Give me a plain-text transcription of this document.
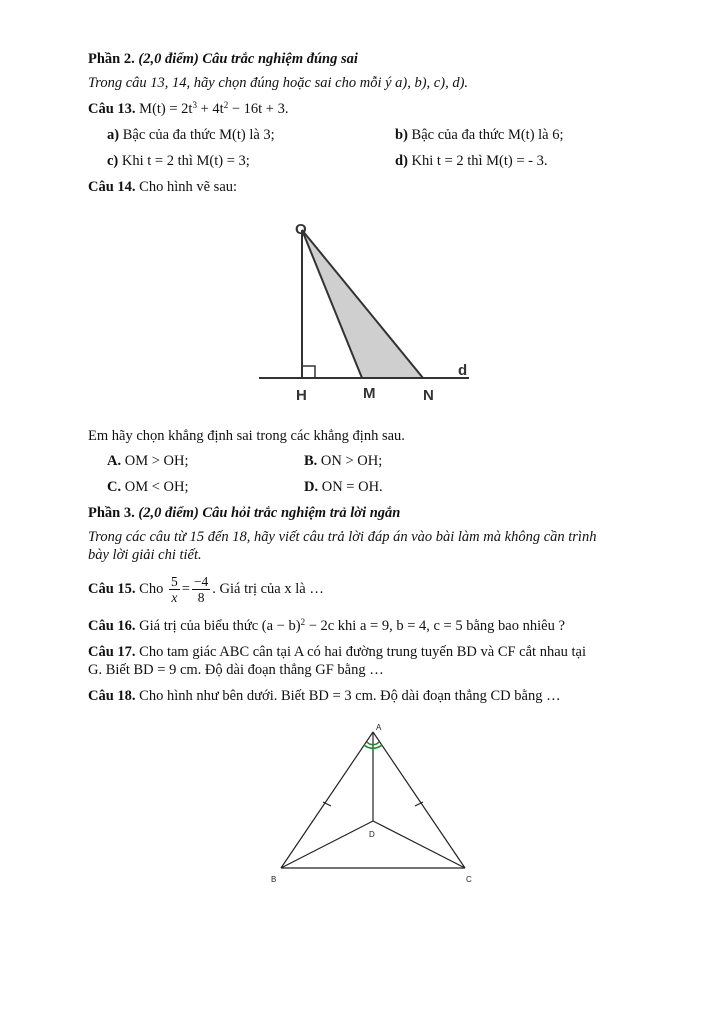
Phần 2. (2,0 điểm) Câu trắc nghiệm đúng sai
Trong câu 13, 14, hãy chọn đúng hoặc sai cho mỗi ý a), b), c), d).
Câu 13. $M(t) = 2t^3 + 4t^2 - 16t + 3$.
a) Bậc của đa thức M(t) là 3;	b) Bậc của đa thức M(t) là 6;
c) Khi t = 2 thì M(t) = 3;	d) Khi t = 2 thì M(t) = - 3.
Câu 14. Cho hình vẽ sau:
O
H	M	N
d
Em hãy chọn khẳng định sai trong các khẳng định sau.
A. OM > OH;	B. ON > OH;
C. OM < OH;	D. ON = OH.
Phần 3. (2,0 điểm) Câu hỏi trắc nghiệm trả lời ngắn
Trong các câu từ 15 đến 18, hãy viết câu trả lời đáp án vào bài làm mà không cần trình
bày lời giải chi tiết.
Câu 15. Cho $\frac{5}{x} = \frac{-4}{8}$ . Giá trị của x là …
Câu 16. Giá trị của biểu thức $(a - b)^2 - 2c$ khi a = 9, b = 4, c = 5 bằng bao nhiêu ?
Câu 17. Cho tam giác ABC cân tại A có hai đường trung tuyến BD và CF cắt nhau tại
G. Biết BD = 9 cm. Độ dài đoạn thẳng GF bằng …
Câu 18. Cho hình như bên dưới. Biết BD = 3 cm. Độ dài đoạn thẳng CD bằng …
A
D
B	C
